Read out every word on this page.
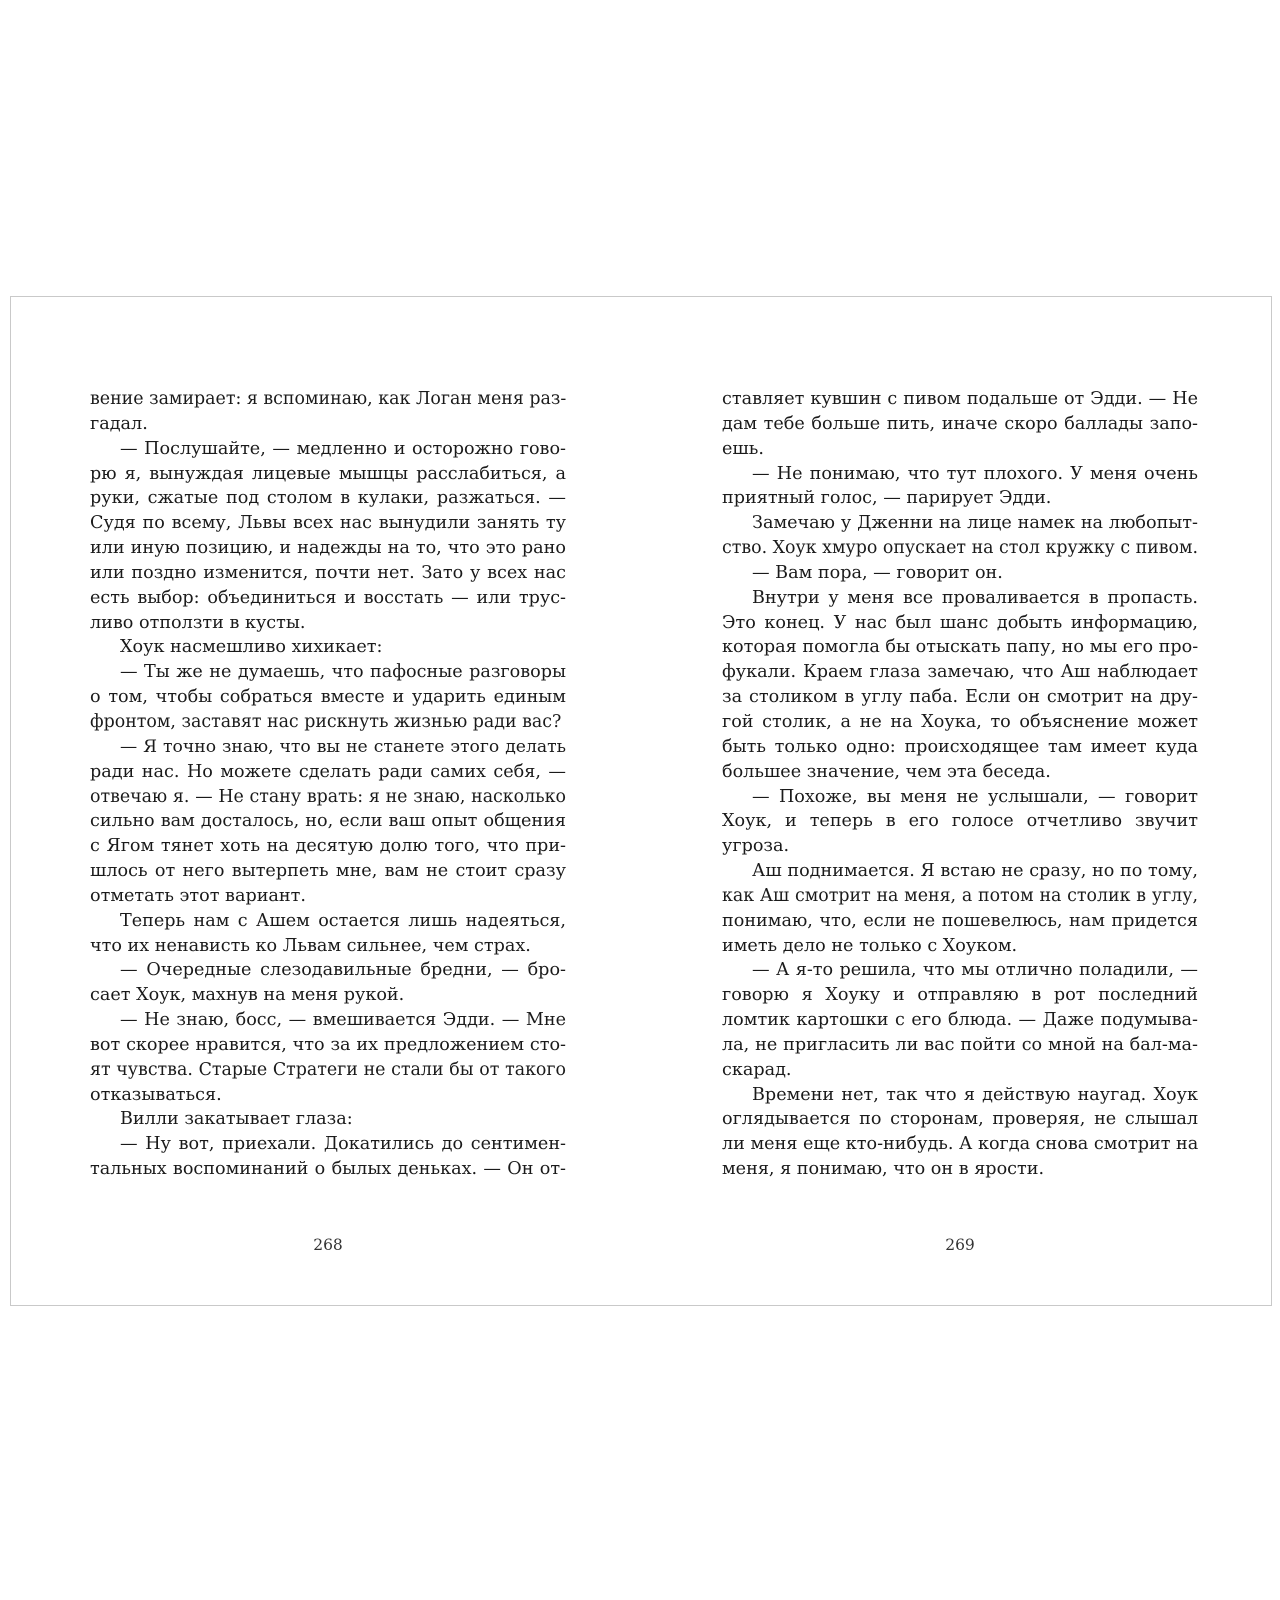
вение замирает: я вспоминаю, как Логан меня раз-
гадал.
— Послушайте, — медленно и осторожно гово-
рю я, вынуждая лицевые мышцы расслабиться, а
руки, сжатые под столом в кулаки, разжаться. —
Судя по всему, Львы всех нас вынудили занять ту
или иную позицию, и надежды на то, что это рано
или поздно изменится, почти нет. Зато у всех нас
есть выбор: объединиться и восстать — или трус-
ливо отползти в кусты.
Хоук насмешливо хихикает:
— Ты же не думаешь, что пафосные разговоры
о том, чтобы собраться вместе и ударить единым
фронтом, заставят нас рискнуть жизнью ради вас?
— Я точно знаю, что вы не станете этого делать
ради нас. Но можете сделать ради самих себя, —
отвечаю я. — Не стану врать: я не знаю, насколько
сильно вам досталось, но, если ваш опыт общения
с Ягом тянет хоть на десятую долю того, что при-
шлось от него вытерпеть мне, вам не стоит сразу
отметать этот вариант.
Теперь нам с Ашем остается лишь надеяться,
что их ненависть ко Львам сильнее, чем страх.
— Очередные слезодавильные бредни, — бро-
сает Хоук, махнув на меня рукой.
— Не знаю, босс, — вмешивается Эдди. — Мне
вот скорее нравится, что за их предложением сто-
ят чувства. Старые Стратеги не стали бы от такого
отказываться.
Вилли закатывает глаза:
— Ну вот, приехали. Докатились до сентимен-
тальных воспоминаний о былых деньках. — Он от-
ставляет кувшин с пивом подальше от Эдди. — Не
дам тебе больше пить, иначе скоро баллады запо-
ешь.
— Не понимаю, что тут плохого. У меня очень
приятный голос, — парирует Эдди.
Замечаю у Дженни на лице намек на любопыт-
ство. Хоук хмуро опускает на стол кружку с пивом.
— Вам пора, — говорит он.
Внутри у меня все проваливается в пропасть.
Это конец. У нас был шанс добыть информацию,
которая помогла бы отыскать папу, но мы его про-
фукали. Краем глаза замечаю, что Аш наблюдает
за столиком в углу паба. Если он смотрит на дру-
гой столик, а не на Хоука, то объяснение может
быть только одно: происходящее там имеет куда
большее значение, чем эта беседа.
— Похоже, вы меня не услышали, — говорит
Хоук, и теперь в его голосе отчетливо звучит
угроза.
Аш поднимается. Я встаю не сразу, но по тому,
как Аш смотрит на меня, а потом на столик в углу,
понимаю, что, если не пошевелюсь, нам придется
иметь дело не только с Хоуком.
— А я-то решила, что мы отлично поладили, —
говорю я Хоуку и отправляю в рот последний
ломтик картошки с его блюда. — Даже подумыва-
ла, не пригласить ли вас пойти со мной на бал-ма-
скарад.
Времени нет, так что я действую наугад. Хоук
оглядывается по сторонам, проверяя, не слышал
ли меня еще кто-нибудь. А когда снова смотрит на
меня, я понимаю, что он в ярости.
268	269
